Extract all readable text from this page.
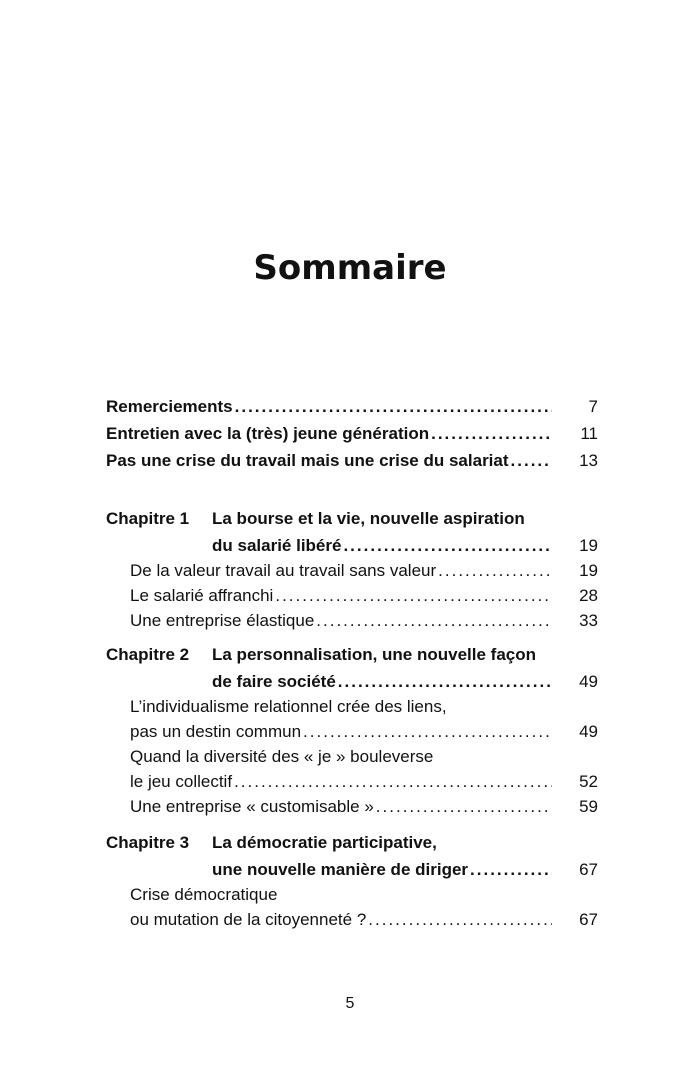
Sommaire
Remerciements .....	7
Entretien avec la (très) jeune génération .....	11
Pas une crise du travail mais une crise du salariat .....	13
Chapitre 1 La bourse et la vie, nouvelle aspiration
du salarié libéré .....	19
De la valeur travail au travail sans valeur .....	19
Le salarié affranchi .....	28
Une entreprise élastique .....	33
Chapitre 2 La personnalisation, une nouvelle façon
de faire société .....	49
L’individualisme relationnel crée des liens,
pas un destin commun .....	49
Quand la diversité des « je » bouleverse
le jeu collectif .....	52
Une entreprise « customisable » .....	59
Chapitre 3 La démocratie participative,
une nouvelle manière de diriger .....	67
Crise démocratique
ou mutation de la citoyenneté ? .....	67
5
